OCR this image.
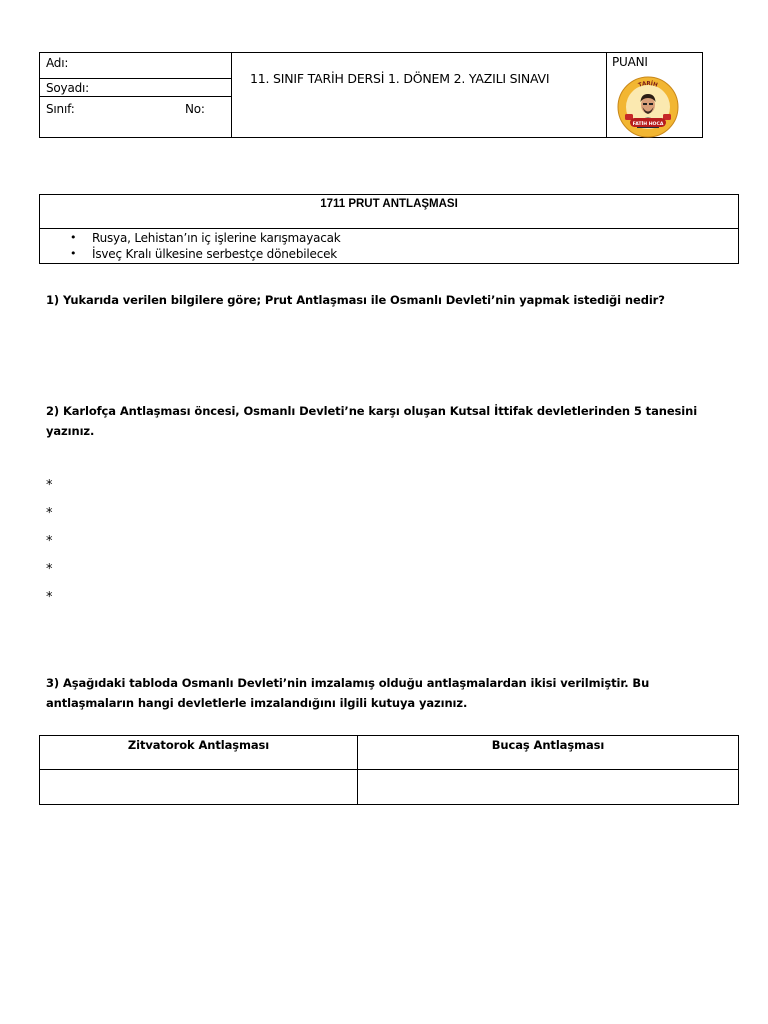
Adı:
Soyadı:
Sınıf:	No:
11. SINIF TARİH DERSİ 1. DÖNEM 2. YAZILI SINAVI
PUANI
TARİH
FATİH HOCA
1711 PRUT ANTLAŞMASI
• Rusya, Lehistan’ın iç işlerine karışmayacak
• İsveç Kralı ülkesine serbestçe dönebilecek
1) Yukarıda verilen bilgilere göre; Prut Antlaşması ile Osmanlı Devleti’nin yapmak istediği nedir?
2) Karlofça Antlaşması öncesi, Osmanlı Devleti’ne karşı oluşan Kutsal İttifak devletlerinden 5 tanesini yazınız.
*
*
*
*
*
3) Aşağıdaki tabloda Osmanlı Devleti’nin imzalamış olduğu antlaşmalardan ikisi verilmiştir. Bu antlaşmaların hangi devletlerle imzalandığını ilgili kutuya yazınız.
Zitvatorok Antlaşması	Bucaş Antlaşması
